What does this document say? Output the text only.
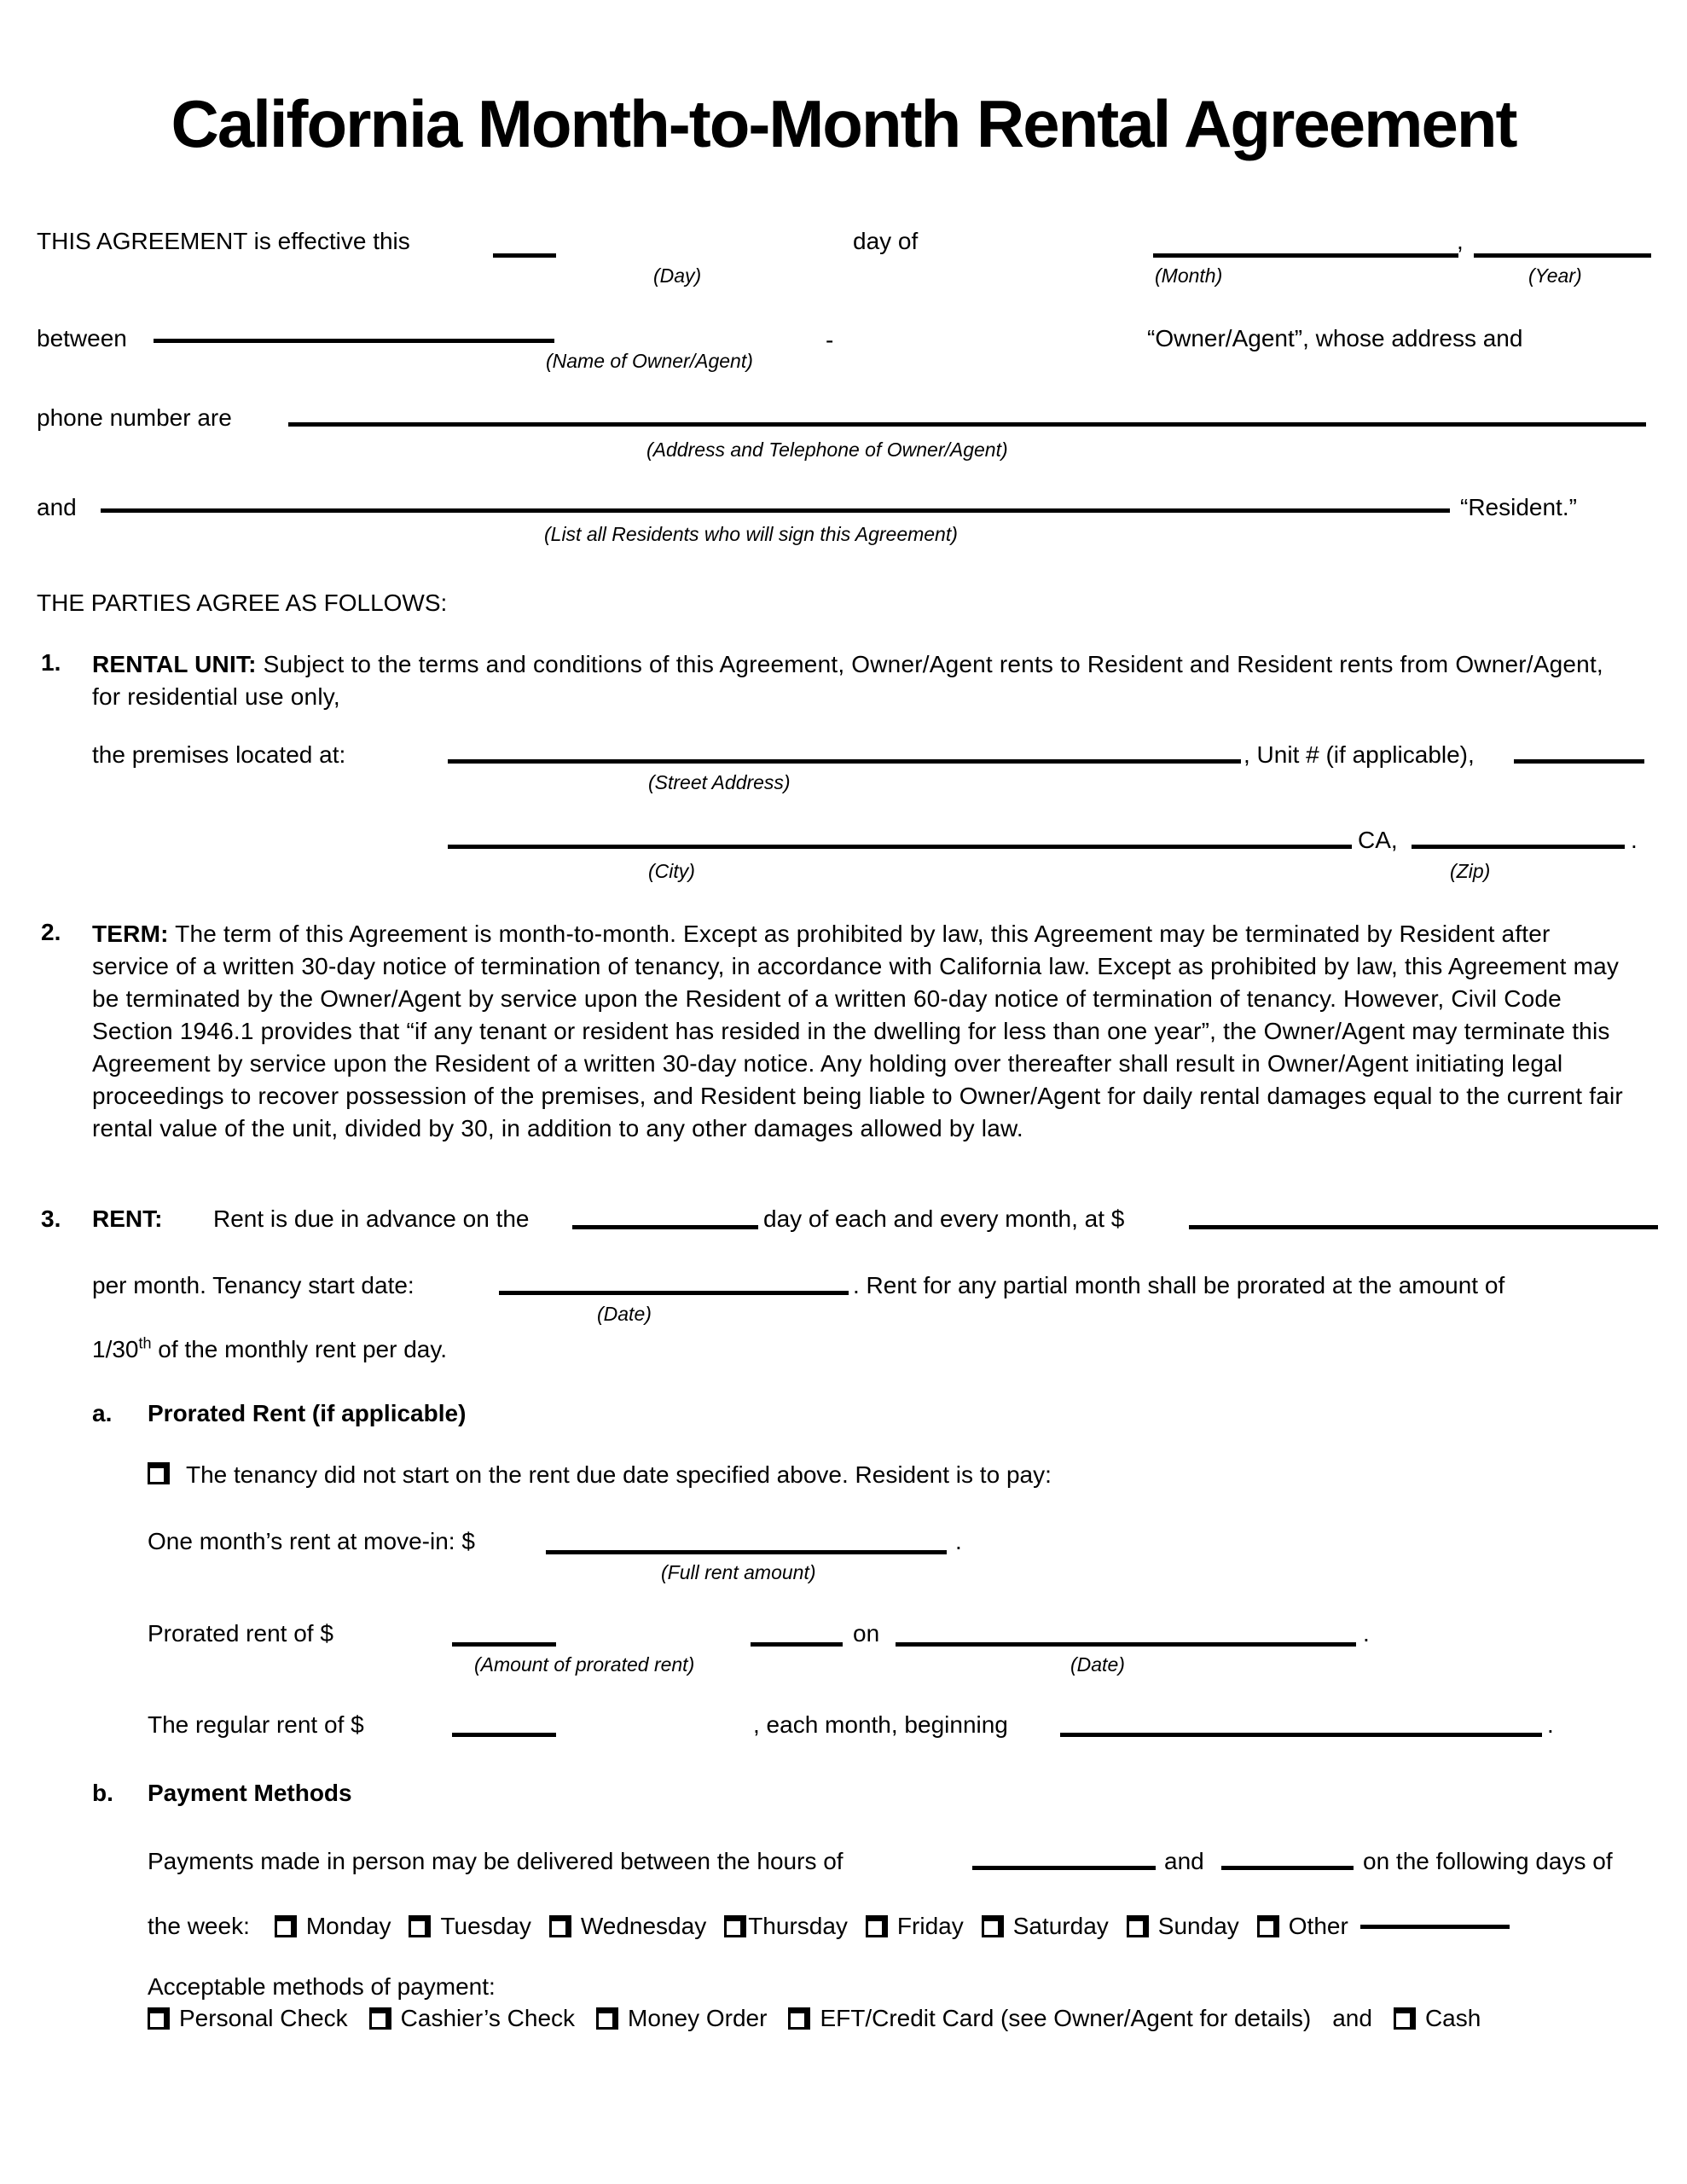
California Month-to-Month Rental Agreement
THIS AGREEMENT is effective this	day of	,
(Day)	(Month)	(Year)
between	-	“Owner/Agent”, whose address and
(Name of Owner/Agent)
phone number are
(Address and Telephone of Owner/Agent)
and	“Resident.”
(List all Residents who will sign this Agreement)
THE PARTIES AGREE AS FOLLOWS:
1. RENTAL UNIT: Subject to the terms and conditions of this Agreement, Owner/Agent rents to Resident and Resident rents from Owner/Agent, for residential use only,
the premises located at:	, Unit # (if applicable),
(Street Address)
CA,	.
(City)	(Zip)
2. TERM: The term of this Agreement is month-to-month. Except as prohibited by law, this Agreement may be terminated by Resident after service of a written 30-day notice of termination of tenancy, in accordance with California law. Except as prohibited by law, this Agreement may be terminated by the Owner/Agent by service upon the Resident of a written 60-day notice of termination of tenancy. However, Civil Code Section 1946.1 provides that “if any tenant or resident has resided in the dwelling for less than one year”, the Owner/Agent may terminate this Agreement by service upon the Resident of a written 30-day notice. Any holding over thereafter shall result in Owner/Agent initiating legal proceedings to recover possession of the premises, and Resident being liable to Owner/Agent for daily rental damages equal to the current fair rental value of the unit, divided by 30, in addition to any other damages allowed by law.
3. RENT: Rent is due in advance on the	day of each and every month, at $
per month. Tenancy start date:	. Rent for any partial month shall be prorated at the amount of
(Date)
1/30th of the monthly rent per day.
a. Prorated Rent (if applicable)
The tenancy did not start on the rent due date specified above. Resident is to pay:
One month’s rent at move-in: $	.
(Full rent amount)
Prorated rent of $	on	.
(Amount of prorated rent)	(Date)
The regular rent of $	, each month, beginning	.
b. Payment Methods
Payments made in person may be delivered between the hours of	and	on the following days of
the week: Monday Tuesday Wednesday Thursday Friday Saturday Sunday Other
Acceptable methods of payment:
Personal Check Cashier’s Check Money Order EFT/Credit Card (see Owner/Agent for details) and Cash
